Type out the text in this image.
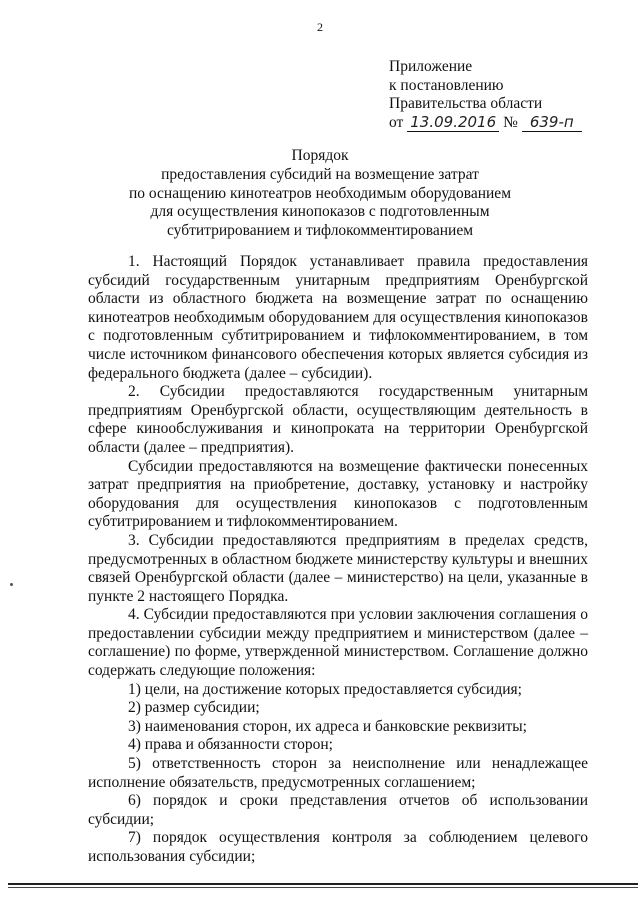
2
Приложение
к постановлению
Правительства области
от 13.09.2016 № 639-п
Порядок
предоставления субсидий на возмещение затрат
по оснащению кинотеатров необходимым оборудованием
для осуществления кинопоказов с подготовленным
субтитрированием и тифлокомментированием

1. Настоящий Порядок устанавливает правила предоставления субсидий государственным унитарным предприятиям Оренбургской области из областного бюджета на возмещение затрат по оснащению кинотеатров необходимым оборудованием для осуществления кинопоказов с подготовленным субтитрированием и тифлокомментированием, в том числе источником финансового обеспечения которых является субсидия из федерального бюджета (далее – субсидии).

2. Субсидии предоставляются государственным унитарным предприятиям Оренбургской области, осуществляющим деятельность в сфере кинообслуживания и кинопроката на территории Оренбургской области (далее – предприятия).

Субсидии предоставляются на возмещение фактически понесенных затрат предприятия на приобретение, доставку, установку и настройку оборудования для осуществления кинопоказов с подготовленным субтитрированием и тифлокомментированием.

3. Субсидии предоставляются предприятиям в пределах средств, предусмотренных в областном бюджете министерству культуры и внешних связей Оренбургской области (далее – министерство) на цели, указанные в пункте 2 настоящего Порядка.

4. Субсидии предоставляются при условии заключения соглашения о предоставлении субсидии между предприятием и министерством (далее – соглашение) по форме, утвержденной министерством. Соглашение должно содержать следующие положения:

1) цели, на достижение которых предоставляется субсидия;

2) размер субсидии;

3) наименования сторон, их адреса и банковские реквизиты;

4) права и обязанности сторон;

5) ответственность сторон за неисполнение или ненадлежащее исполнение обязательств, предусмотренных соглашением;

6) порядок и сроки представления отчетов об использовании субсидии;

7) порядок осуществления контроля за соблюдением целевого использования субсидии;
